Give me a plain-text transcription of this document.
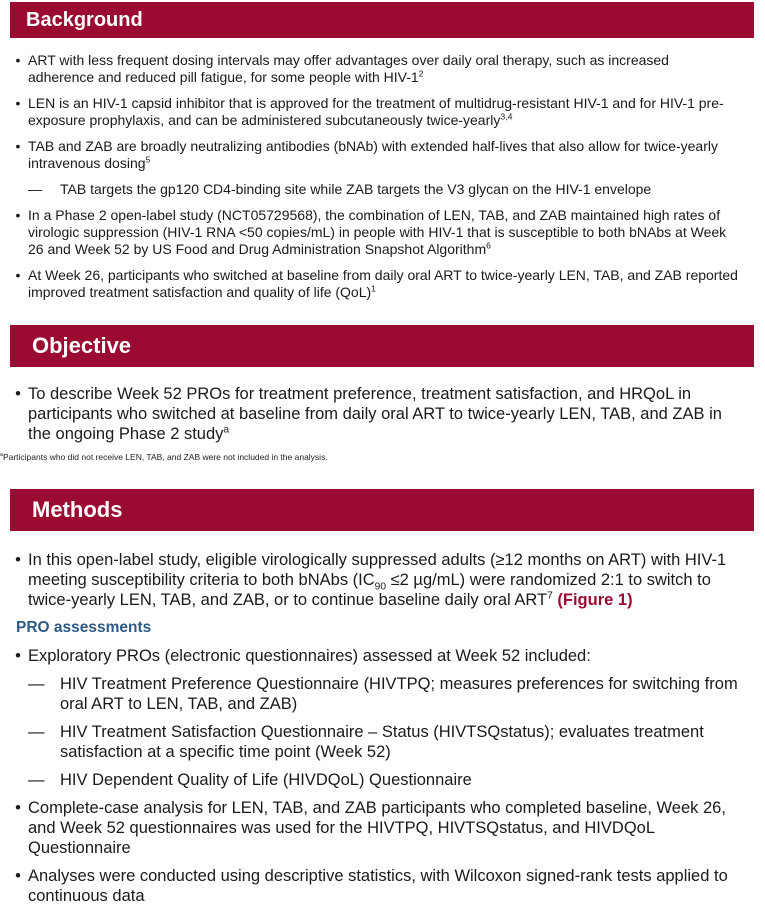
Background
• ART with less frequent dosing intervals may offer advantages over daily oral therapy, such as increased adherence and reduced pill fatigue, for some people with HIV-$1^2$
• LEN is an HIV-1 capsid inhibitor that is approved for the treatment of multidrug-resistant HIV-1 and for HIV-1 pre-exposure prophylaxis, and can be administered subcutaneously twice-yearly$^{3,4}$
• TAB and ZAB are broadly neutralizing antibodies (bNAb) with extended half-lives that also allow for twice-yearly intravenous dosing$^5$
—	TAB targets the gp120 CD4-binding site while ZAB targets the V3 glycan on the HIV-1 envelope
• In a Phase 2 open-label study (NCT05729568), the combination of LEN, TAB, and ZAB maintained high rates of virologic suppression (HIV-1 RNA <50 copies/mL) in people with HIV-1 that is susceptible to both bNAbs at Week 26 and Week 52 by US Food and Drug Administration Snapshot Algorithm$^6$
• At Week 26, participants who switched at baseline from daily oral ART to twice-yearly LEN, TAB, and ZAB reported improved treatment satisfaction and quality of life (QoL)$^1$
Objective
• To describe Week 52 PROs for treatment preference, treatment satisfaction, and HRQoL in participants who switched at baseline from daily oral ART to twice-yearly LEN, TAB, and ZAB in the ongoing Phase 2 study$^a$
$^a$Participants who did not receive LEN, TAB, and ZAB were not included in the analysis.
Methods
• In this open-label study, eligible virologically suppressed adults (≥12 months on ART) with HIV-1 meeting susceptibility criteria to both bNAbs ($IC_{90} \le 2$ µg/mL) were randomized 2:1 to switch to twice-yearly LEN, TAB, and ZAB, or to continue baseline daily oral ART$^7$ (Figure 1)
PRO assessments
• Exploratory PROs (electronic questionnaires) assessed at Week 52 included:
— HIV Treatment Preference Questionnaire (HIVTPQ; measures preferences for switching from oral ART to LEN, TAB, and ZAB)
— HIV Treatment Satisfaction Questionnaire – Status (HIVTSQstatus); evaluates treatment satisfaction at a specific time point (Week 52)
— HIV Dependent Quality of Life (HIVDQoL) Questionnaire
• Complete-case analysis for LEN, TAB, and ZAB participants who completed baseline, Week 26, and Week 52 questionnaires was used for the HIVTPQ, HIVTSQstatus, and HIVDQoL Questionnaire
• Analyses were conducted using descriptive statistics, with Wilcoxon signed-rank tests applied to continuous data
